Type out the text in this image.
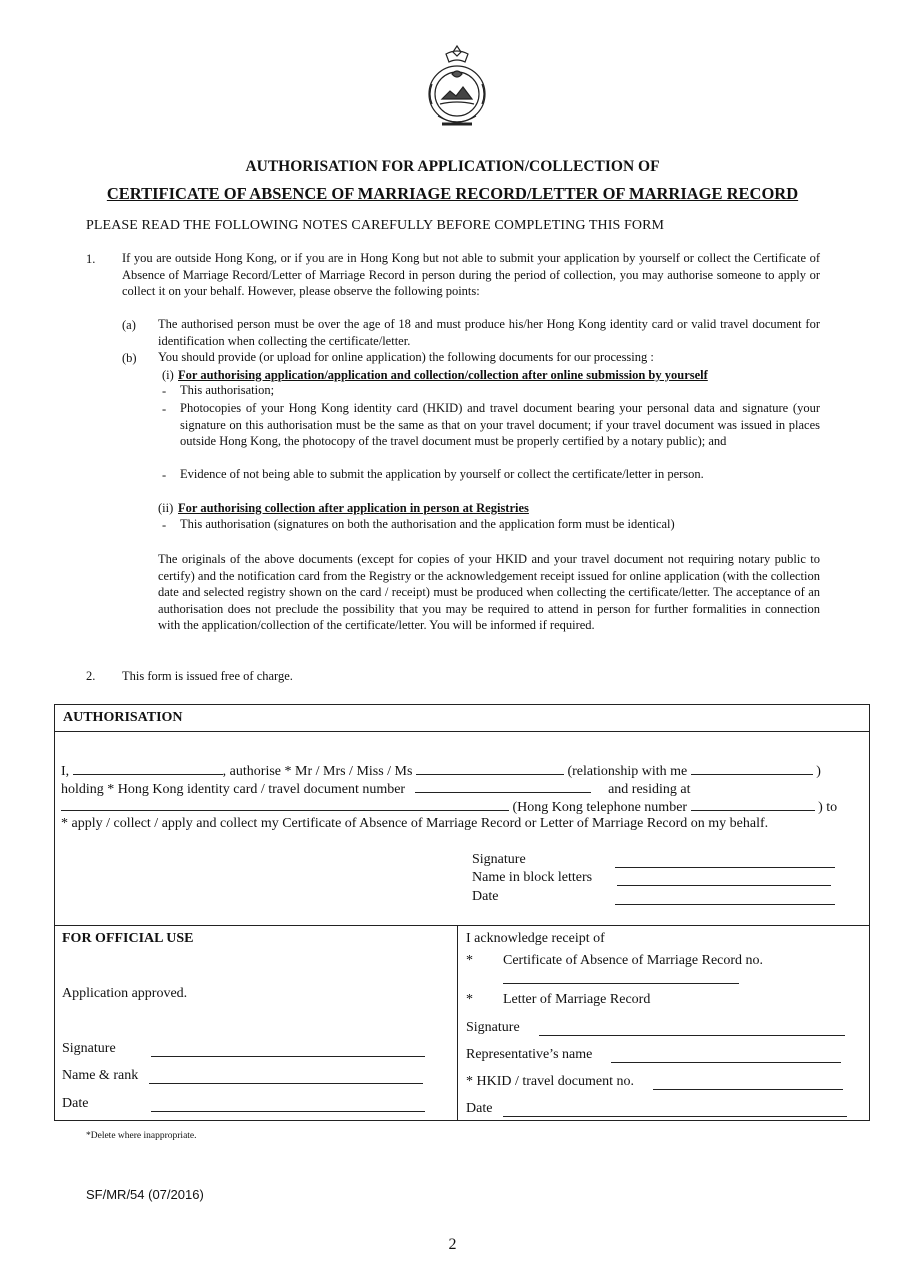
AUTHORISATION FOR APPLICATION/COLLECTION OF
CERTIFICATE OF ABSENCE OF MARRIAGE RECORD/LETTER OF MARRIAGE RECORD
PLEASE READ THE FOLLOWING NOTES CAREFULLY BEFORE COMPLETING THIS FORM
1. If you are outside Hong Kong, or if you are in Hong Kong but not able to submit your application by yourself or collect the Certificate of Absence of Marriage Record/Letter of Marriage Record in person during the period of collection, you may authorise someone to apply or collect it on your behalf. However, please observe the following points:
(a) The authorised person must be over the age of 18 and must produce his/her Hong Kong identity card or valid travel document for identification when collecting the certificate/letter.
(b) You should provide (or upload for online application) the following documents for our processing :
(i) For authorising application/application and collection/collection after online submission by yourself
- This authorisation;
- Photocopies of your Hong Kong identity card (HKID) and travel document bearing your personal data and signature (your signature on this authorisation must be the same as that on your travel document; if your travel document was issued in places outside Hong Kong, the photocopy of the travel document must be properly certified by a notary public); and
- Evidence of not being able to submit the application by yourself or collect the certificate/letter in person.
(ii) For authorising collection after application in person at Registries
- This authorisation (signatures on both the authorisation and the application form must be identical)
The originals of the above documents (except for copies of your HKID and your travel document not requiring notary public to certify) and the notification card from the Registry or the acknowledgement receipt issued for online application (with the collection date and selected registry shown on the card / receipt) must be produced when collecting the certificate/letter. The acceptance of an authorisation does not preclude the possibility that you may be required to attend in person for further formalities in connection with the application/collection of the certificate/letter. You will be informed if required.
2. This form is issued free of charge.
AUTHORISATION
I,	, authorise * Mr / Mrs / Miss / Ms	(relationship with me	)
holding * Hong Kong identity card / travel document number	and residing at
(Hong Kong telephone number	) to
* apply / collect / apply and collect my Certificate of Absence of Marriage Record or Letter of Marriage Record on my behalf.
Signature
Name in block letters
Date
FOR OFFICIAL USE
Application approved.
Signature
Name & rank
Date
I acknowledge receipt of
* Certificate of Absence of Marriage Record no.
* Letter of Marriage Record
Signature
Representative’s name
* HKID / travel document no.
Date
*Delete where inappropriate.
SF/MR/54 (07/2016)
2
